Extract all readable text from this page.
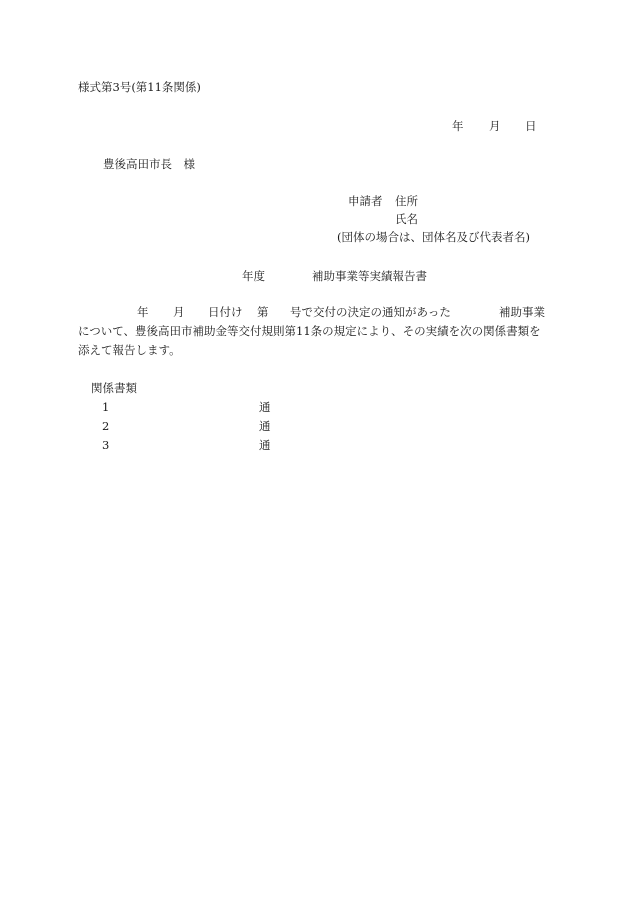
様式第3号(第11条関係)
年 月 日
豊後高田市長　様
申請者 住所
氏名
(団体の場合は、団体名及び代表者名)
年度	補助事業等実績報告書
年 月 日付け 第 号で交付の決定の通知があった	補助事業
について、豊後高田市補助金等交付規則第11条の規定により、その実績を次の関係書類を
添えて報告します。
関係書類
1	通
2	通
3	通
